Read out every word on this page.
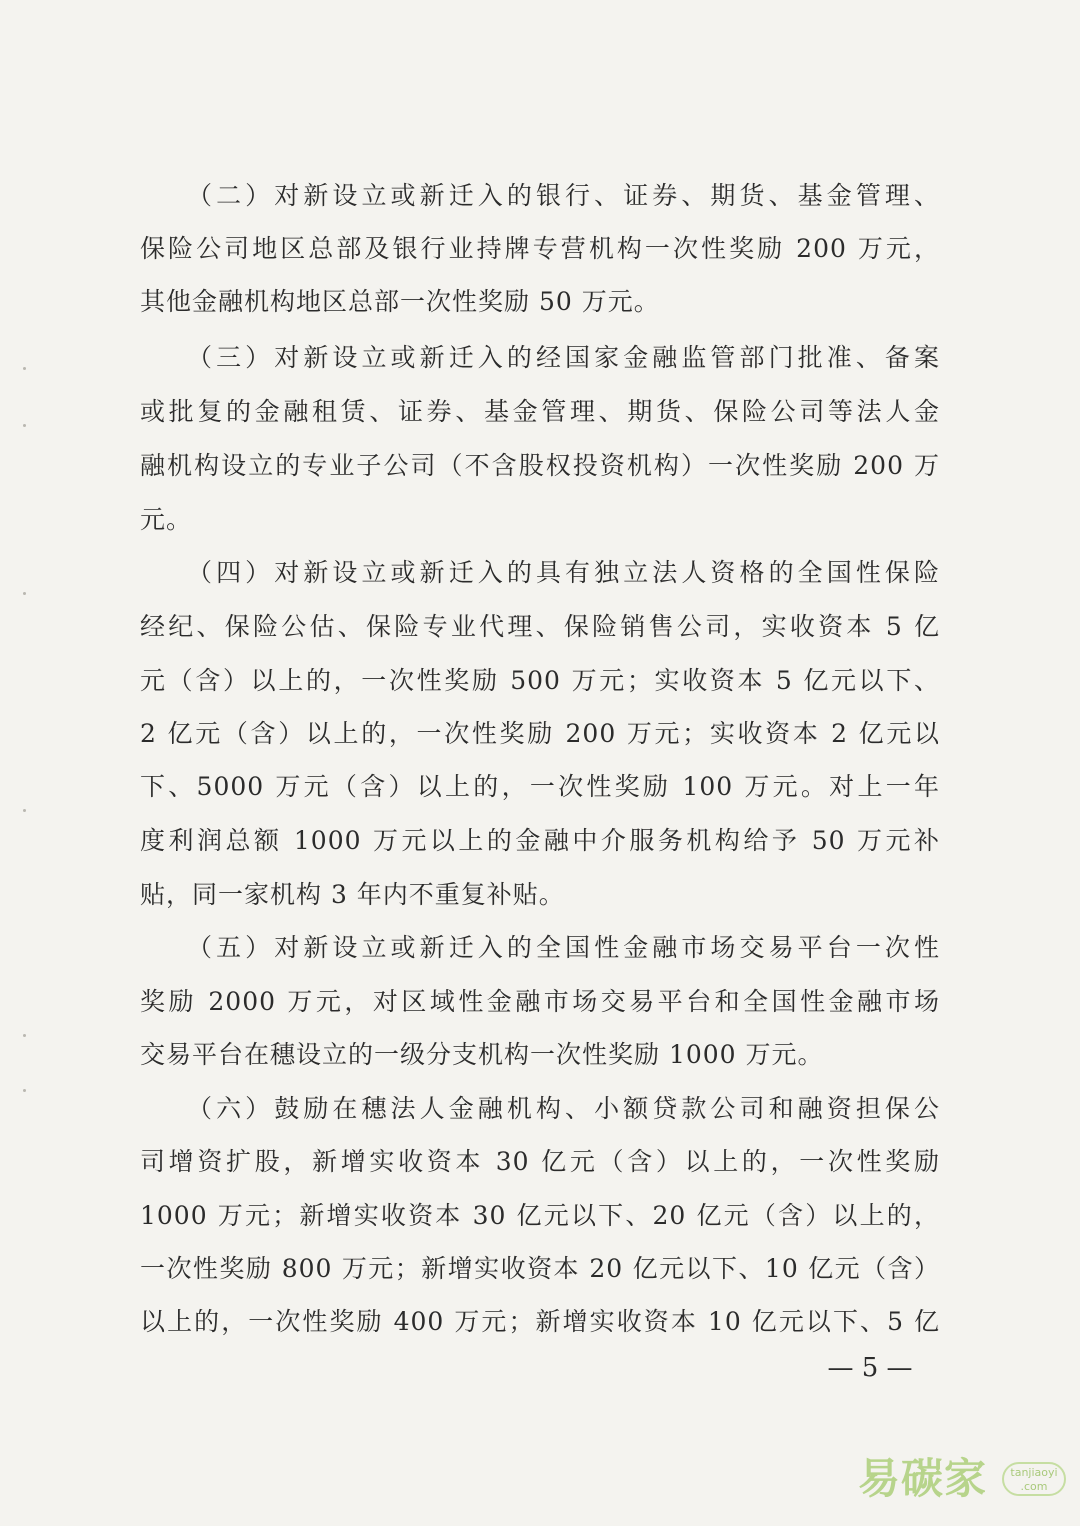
（二）对新设立或新迁入的银行、证券、期货、基金管理、
保险公司地区总部及银行业持牌专营机构一次性奖励 200 万元，
其他金融机构地区总部一次性奖励 50 万元。
（三）对新设立或新迁入的经国家金融监管部门批准、备案
或批复的金融租赁、证券、基金管理、期货、保险公司等法人金
融机构设立的专业子公司（不含股权投资机构）一次性奖励 200 万
元。
（四）对新设立或新迁入的具有独立法人资格的全国性保险
经纪、保险公估、保险专业代理、保险销售公司，实收资本 5 亿
元（含）以上的，一次性奖励 500 万元；实收资本 5 亿元以下、
2 亿元（含）以上的，一次性奖励 200 万元；实收资本 2 亿元以
下、5000 万元（含）以上的，一次性奖励 100 万元。对上一年
度利润总额 1000 万元以上的金融中介服务机构给予 50 万元补
贴，同一家机构 3 年内不重复补贴。
（五）对新设立或新迁入的全国性金融市场交易平台一次性
奖励 2000 万元，对区域性金融市场交易平台和全国性金融市场
交易平台在穗设立的一级分支机构一次性奖励 1000 万元。
（六）鼓励在穗法人金融机构、小额贷款公司和融资担保公
司增资扩股，新增实收资本 30 亿元（含）以上的，一次性奖励
1000 万元；新增实收资本 30 亿元以下、20 亿元（含）以上的，
一次性奖励 800 万元；新增实收资本 20 亿元以下、10 亿元（含）
以上的，一次性奖励 400 万元；新增实收资本 10 亿元以下、5 亿
— 5 —
易碳家	tanjiaoyi
.com
